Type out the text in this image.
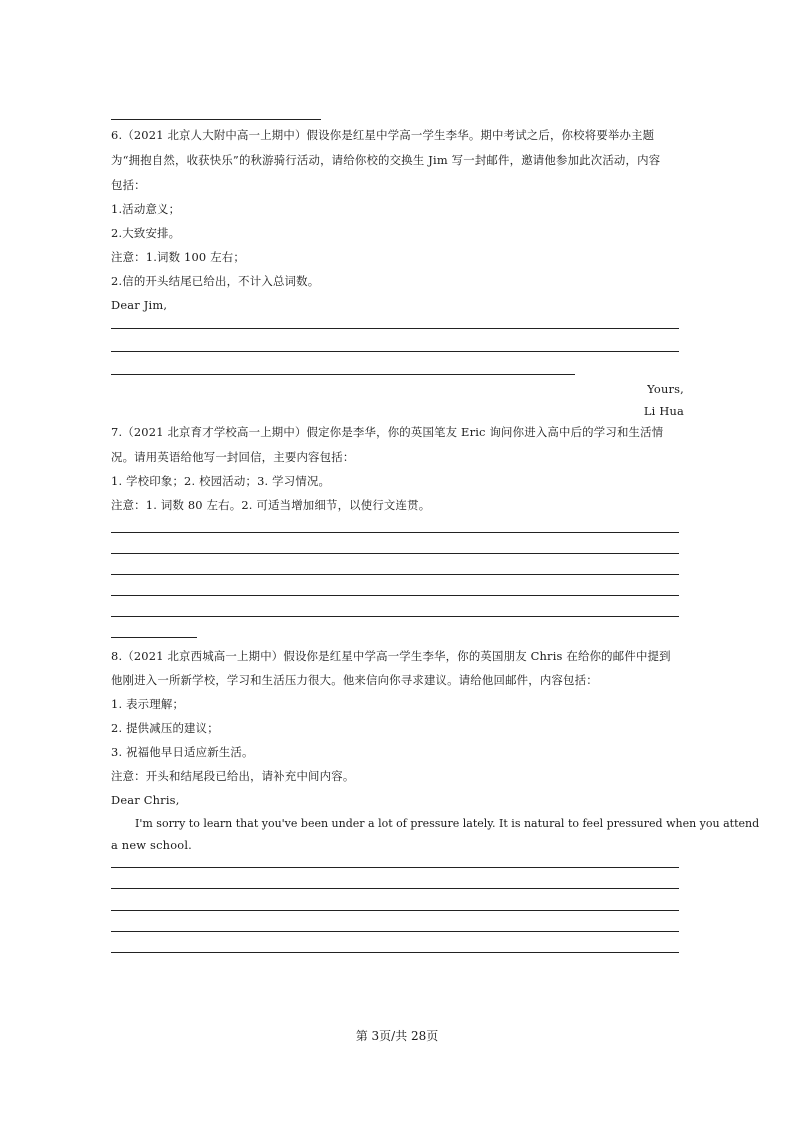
6.（2021 北京人大附中高一上期中）假设你是红星中学高一学生李华。期中考试之后，你校将要举办主题
为“拥抱自然，收获快乐”的秋游骑行活动，请给你校的交换生 Jim 写一封邮件，邀请他参加此次活动，内容
包括：
1.活动意义；
2.大致安排。
注意：1.词数 100 左右；
2.信的开头结尾已给出，不计入总词数。
Dear Jim,
Yours,
Li Hua
7.（2021 北京育才学校高一上期中）假定你是李华，你的英国笔友 Eric 询问你进入高中后的学习和生活情
况。请用英语给他写一封回信，主要内容包括：
1. 学校印象；2. 校园活动；3. 学习情况。
注意：1. 词数 80 左右。2. 可适当增加细节，以使行文连贯。
8.（2021 北京西城高一上期中）假设你是红星中学高一学生李华，你的英国朋友 Chris 在给你的邮件中提到
他刚进入一所新学校，学习和生活压力很大。他来信向你寻求建议。请给他回邮件，内容包括：
1. 表示理解；
2. 提供减压的建议；
3. 祝福他早日适应新生活。
注意：开头和结尾段已给出，请补充中间内容。
Dear Chris,
I'm sorry to learn that you've been under a lot of pressure lately. It is natural to feel pressured when you attend
a new school.
第 3页/共 28页
